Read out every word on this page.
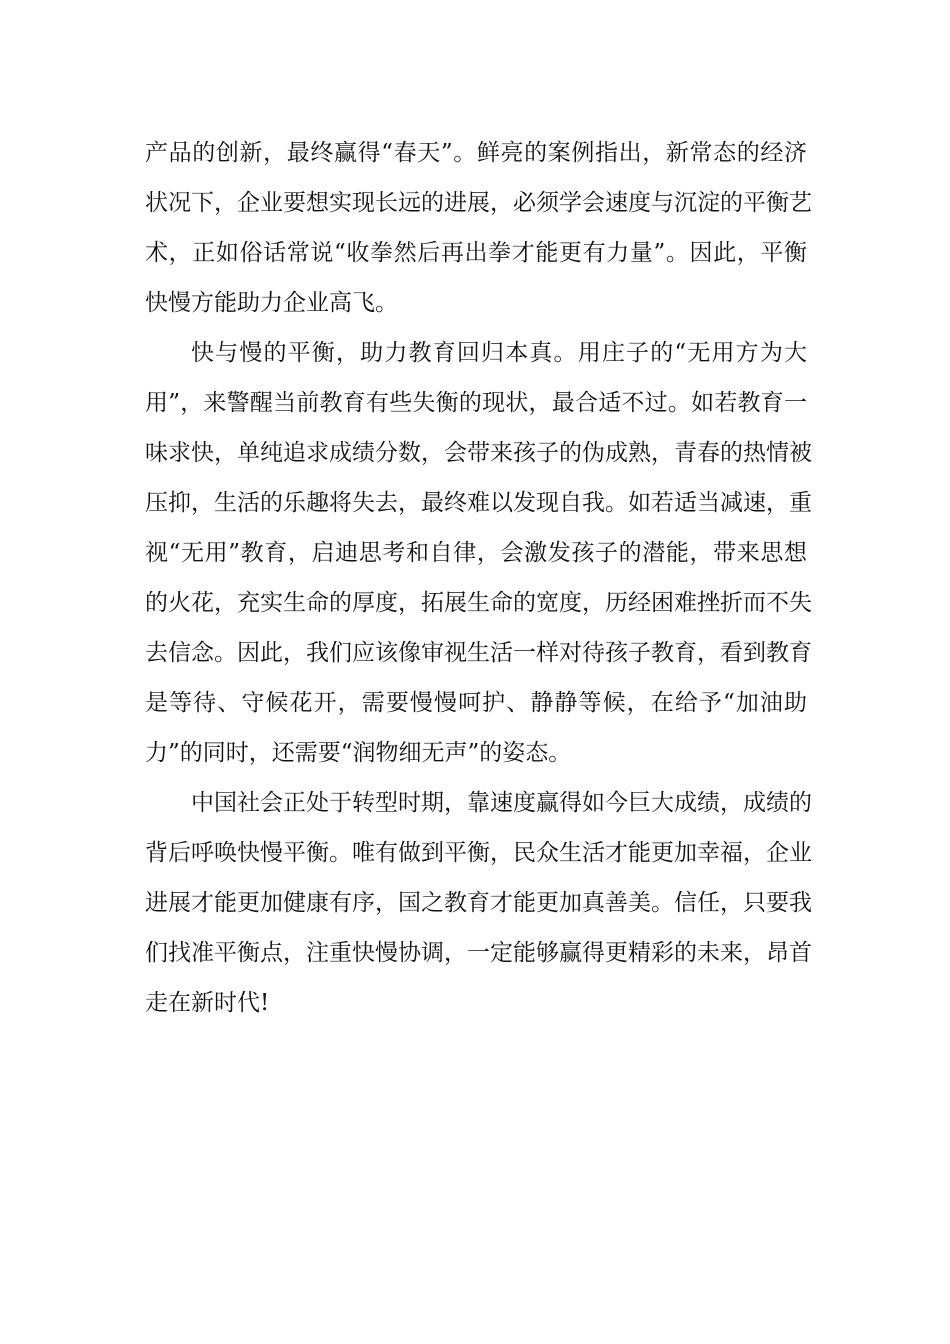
产品的创新，最终赢得“春天”。鲜亮的案例指出，新常态的经济
状况下，企业要想实现长远的进展，必须学会速度与沉淀的平衡艺
术，正如俗话常说“收拳然后再出拳才能更有力量”。因此，平衡
快慢方能助力企业高飞。
快与慢的平衡，助力教育回归本真。用庄子的“无用方为大
用”，来警醒当前教育有些失衡的现状，最合适不过。如若教育一
味求快，单纯追求成绩分数，会带来孩子的伪成熟，青春的热情被
压抑，生活的乐趣将失去，最终难以发现自我。如若适当减速，重
视“无用”教育，启迪思考和自律，会激发孩子的潜能，带来思想
的火花，充实生命的厚度，拓展生命的宽度，历经困难挫折而不失
去信念。因此，我们应该像审视生活一样对待孩子教育，看到教育
是等待、守候花开，需要慢慢呵护、静静等候，在给予“加油助
力”的同时，还需要“润物细无声”的姿态。
中国社会正处于转型时期，靠速度赢得如今巨大成绩，成绩的
背后呼唤快慢平衡。唯有做到平衡，民众生活才能更加幸福，企业
进展才能更加健康有序，国之教育才能更加真善美。信任，只要我
们找准平衡点，注重快慢协调，一定能够赢得更精彩的未来，昂首
走在新时代!
